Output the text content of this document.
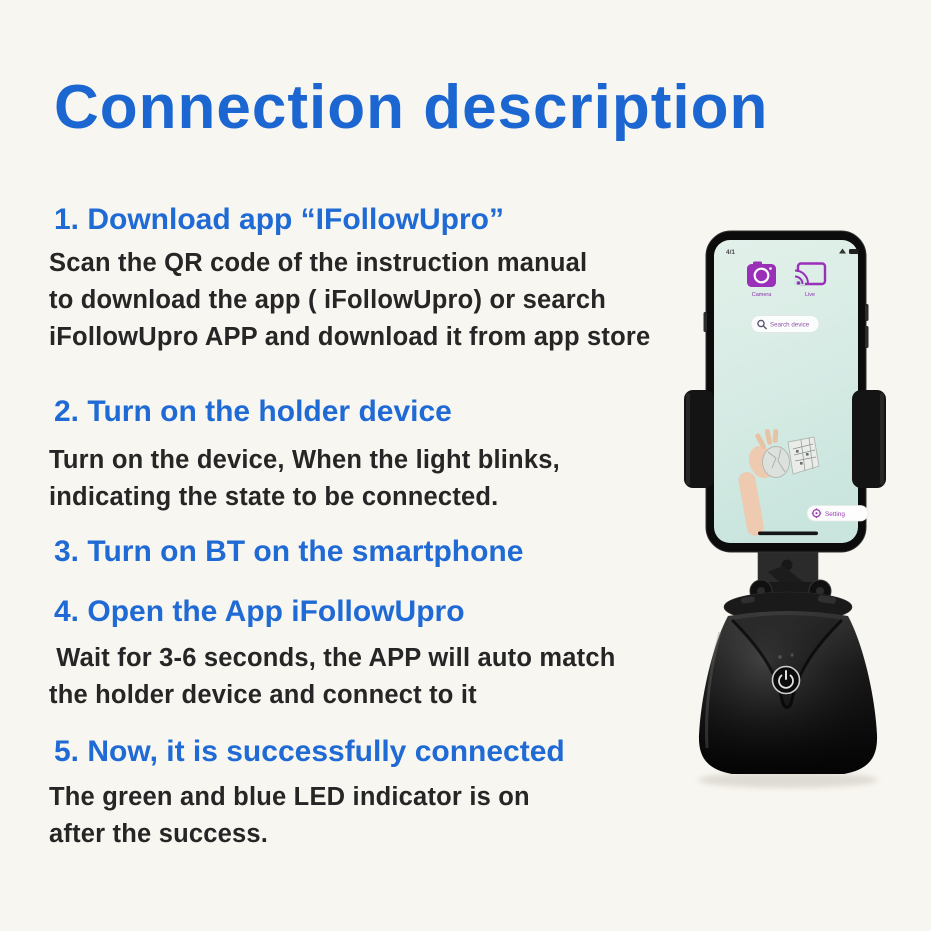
Connection description
1. Download app “IFollowUpro”
Scan the QR code of the instruction manual
to download the app ( iFollowUpro) or search
iFollowUpro APP and download it from app store
2. Turn on the holder device
Turn on the device, When the light blinks,
indicating the state to be connected.
3. Turn on BT on the smartphone
4. Open the App iFollowUpro
Wait for 3-6 seconds, the APP will auto match
the holder device and connect to it
5. Now, it is successfully connected
The green and blue LED indicator is on
after the success.
4/1
Camera	Live
Search device
Setting
